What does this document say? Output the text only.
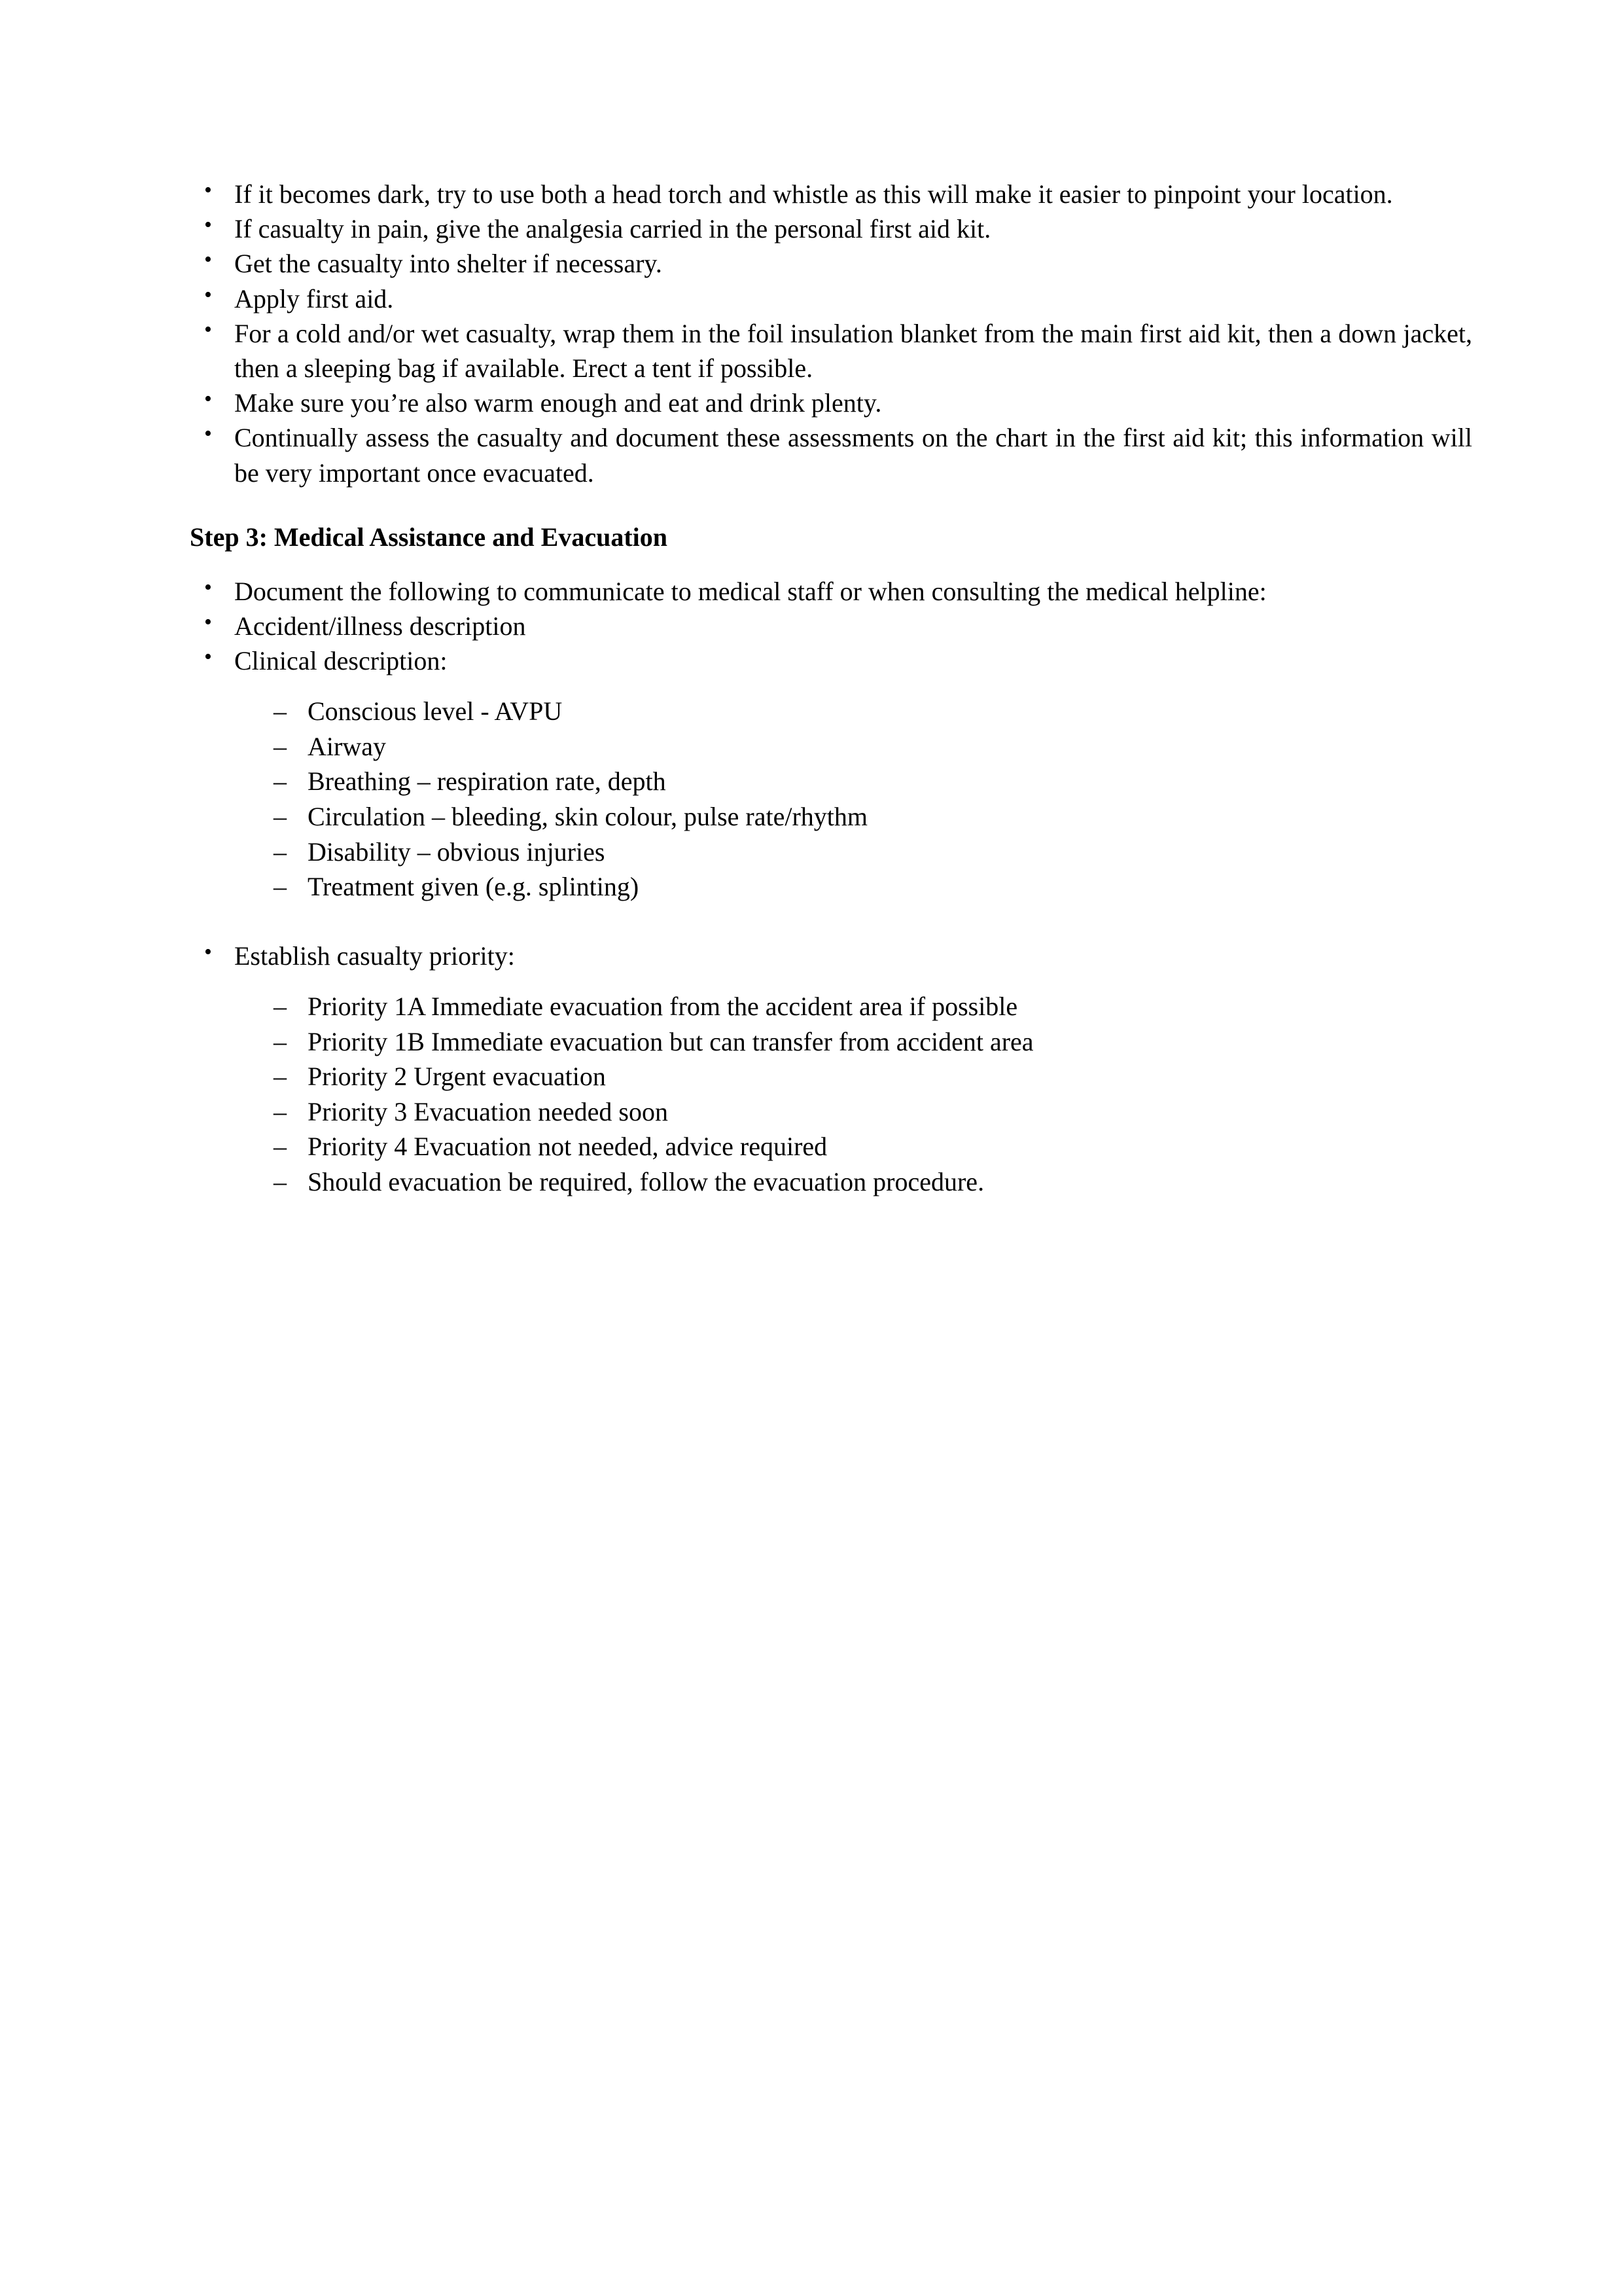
• If it becomes dark, try to use both a head torch and whistle as this will make it easier to pinpoint your location.
• If casualty in pain, give the analgesia carried in the personal first aid kit.
• Get the casualty into shelter if necessary.
• Apply first aid.
• For a cold and/or wet casualty, wrap them in the foil insulation blanket from the main first aid kit, then a down jacket, then a sleeping bag if available. Erect a tent if possible.
• Make sure you’re also warm enough and eat and drink plenty.
• Continually assess the casualty and document these assessments on the chart in the first aid kit; this information will be very important once evacuated.
Step 3: Medical Assistance and Evacuation
• Document the following to communicate to medical staff or when consulting the medical helpline:
• Accident/illness description
• Clinical description:
– Conscious level - AVPU
– Airway
– Breathing – respiration rate, depth
– Circulation – bleeding, skin colour, pulse rate/rhythm
– Disability – obvious injuries
– Treatment given (e.g. splinting)
• Establish casualty priority:
– Priority 1A Immediate evacuation from the accident area if possible
– Priority 1B Immediate evacuation but can transfer from accident area
– Priority 2 Urgent evacuation
– Priority 3 Evacuation needed soon
– Priority 4 Evacuation not needed, advice required
– Should evacuation be required, follow the evacuation procedure.
